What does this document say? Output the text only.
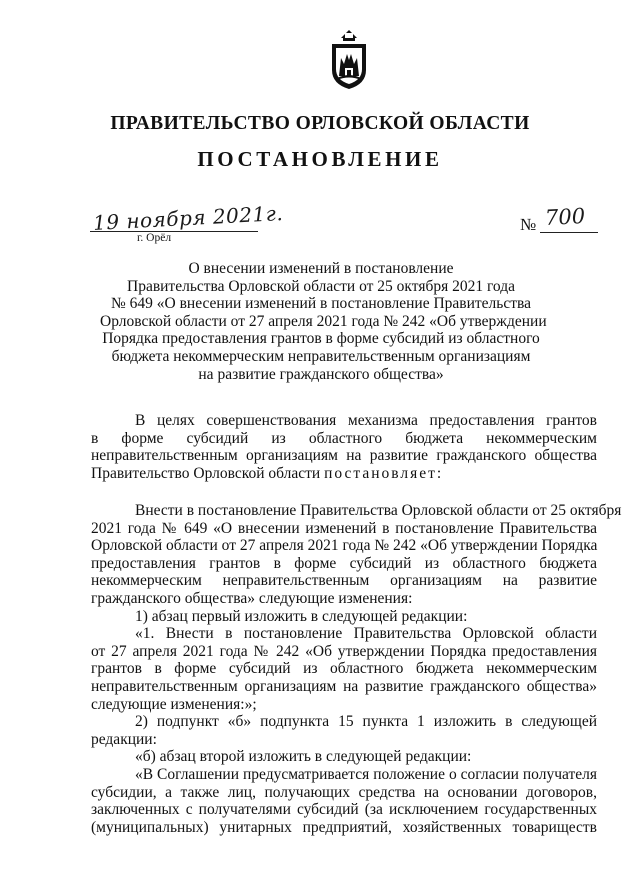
ПРАВИТЕЛЬСТВО ОРЛОВСКОЙ ОБЛАСТИ
ПОСТАНОВЛЕНИЕ
19 ноября 2021г.
г. Орёл
№ 700
О внесении изменений в постановление
Правительства Орловской области от 25 октября 2021 года
№ 649 «О внесении изменений в постановление Правительства
Орловской области от 27 апреля 2021 года № 242 «Об утверждении
Порядка предоставления грантов в форме субсидий из областного
бюджета некоммерческим неправительственным организациям
на развитие гражданского общества»
В целях совершенствования механизма предоставления грантов
в форме субсидий из областного бюджета некоммерческим
неправительственным организациям на развитие гражданского общества
Правительство Орловской области постановляет:
Внести в постановление Правительства Орловской области от 25 октября
2021 года № 649 «О внесении изменений в постановление Правительства
Орловской области от 27 апреля 2021 года № 242 «Об утверждении Порядка
предоставления грантов в форме субсидий из областного бюджета
некоммерческим неправительственным организациям на развитие
гражданского общества» следующие изменения:
1) абзац первый изложить в следующей редакции:
«1. Внести в постановление Правительства Орловской области
от 27 апреля 2021 года № 242 «Об утверждении Порядка предоставления
грантов в форме субсидий из областного бюджета некоммерческим
неправительственным организациям на развитие гражданского общества»
следующие изменения:»;
2) подпункт «б» подпункта 15 пункта 1 изложить в следующей
редакции:
«б) абзац второй изложить в следующей редакции:
«В Соглашении предусматривается положение о согласии получателя
субсидии, а также лиц, получающих средства на основании договоров,
заключенных с получателями субсидий (за исключением государственных
(муниципальных) унитарных предприятий, хозяйственных товариществ
